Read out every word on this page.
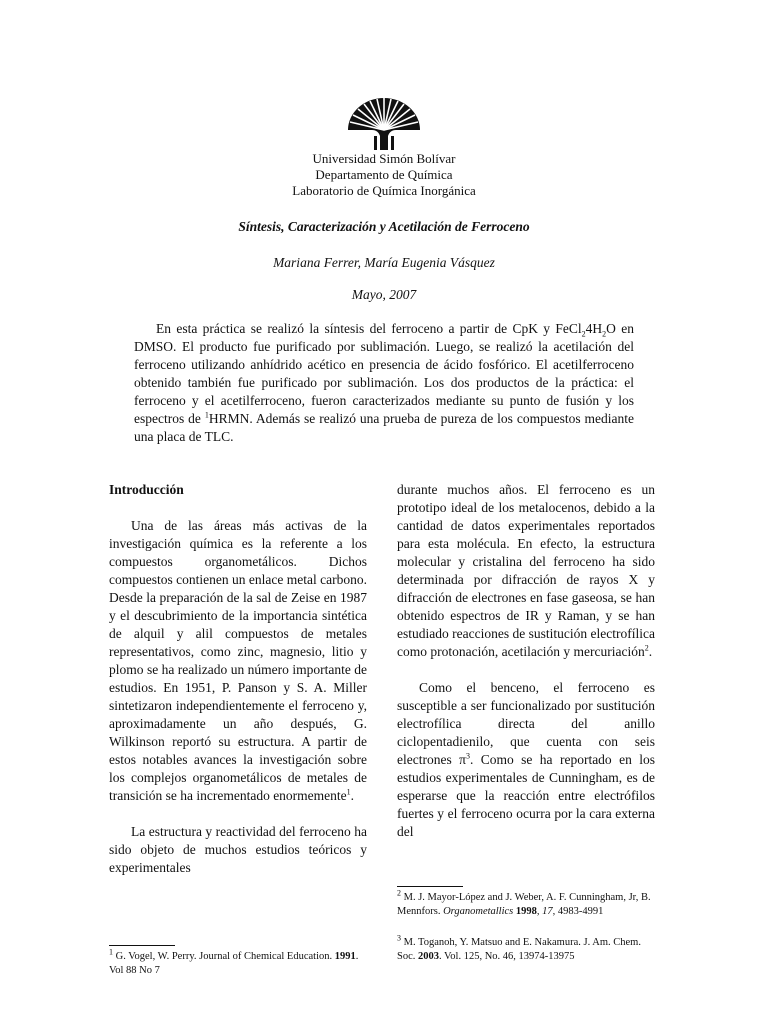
Universidad Simón Bolívar
Departamento de Química
Laboratorio de Química Inorgánica
Síntesis, Caracterización y Acetilación de Ferroceno
Mariana Ferrer, María Eugenia Vásquez
Mayo, 2007

En esta práctica se realizó la síntesis del ferroceno a partir de CpK y $FeCl_24H_2O$ en DMSO. El producto fue purificado por sublimación. Luego, se realizó la acetilación del ferroceno utilizando anhídrido acético en presencia de ácido fosfórico. El acetilferroceno obtenido también fue purificado por sublimación. Los dos productos de la práctica: el ferroceno y el acetilferroceno, fueron caracterizados mediante su punto de fusión y los espectros de $^1$HRMN. Además se realizó una prueba de pureza de los compuestos mediante una placa de TLC.

Introducción

Una de las áreas más activas de la investigación química es la referente a los compuestos organometálicos. Dichos compuestos contienen un enlace metal carbono. Desde la preparación de la sal de Zeise en 1987 y el descubrimiento de la importancia sintética de alquil y alil compuestos de metales representativos, como zinc, magnesio, litio y plomo se ha realizado un número importante de estudios. En 1951, P. Panson y S. A. Miller sintetizaron independientemente el ferroceno y, aproximadamente un año después, G. Wilkinson reportó su estructura. A partir de estos notables avances la investigación sobre los complejos organometálicos de metales de transición se ha incrementado enormemente$^1$.

La estructura y reactividad del ferroceno ha sido objeto de muchos estudios teóricos y experimentales

durante muchos años. El ferroceno es un prototipo ideal de los metalocenos, debido a la cantidad de datos experimentales reportados para esta molécula. En efecto, la estructura molecular y cristalina del ferroceno ha sido determinada por difracción de rayos X y difracción de electrones en fase gaseosa, se han obtenido espectros de IR y Raman, y se han estudiado reacciones de sustitución electrofílica como protonación, acetilación y mercuriación$^2$.

Como el benceno, el ferroceno es susceptible a ser funcionalizado por sustitución electrofílica directa del anillo ciclopentadienilo, que cuenta con seis electrones $\pi^3$. Como se ha reportado en los estudios experimentales de Cunningham, es de esperarse que la reacción entre electrófilos fuertes y el ferroceno ocurra por la cara externa del

$^1$ G. Vogel, W. Perry. Journal of Chemical Education. 1991. Vol 88 No 7
$^2$ M. J. Mayor-López and J. Weber, A. F. Cunningham, Jr, B. Mennfors. Organometallics 1998, 17, 4983-4991
$^3$ M. Toganoh, Y. Matsuo and E. Nakamura. J. Am. Chem. Soc. 2003. Vol. 125, No. 46, 13974-13975
